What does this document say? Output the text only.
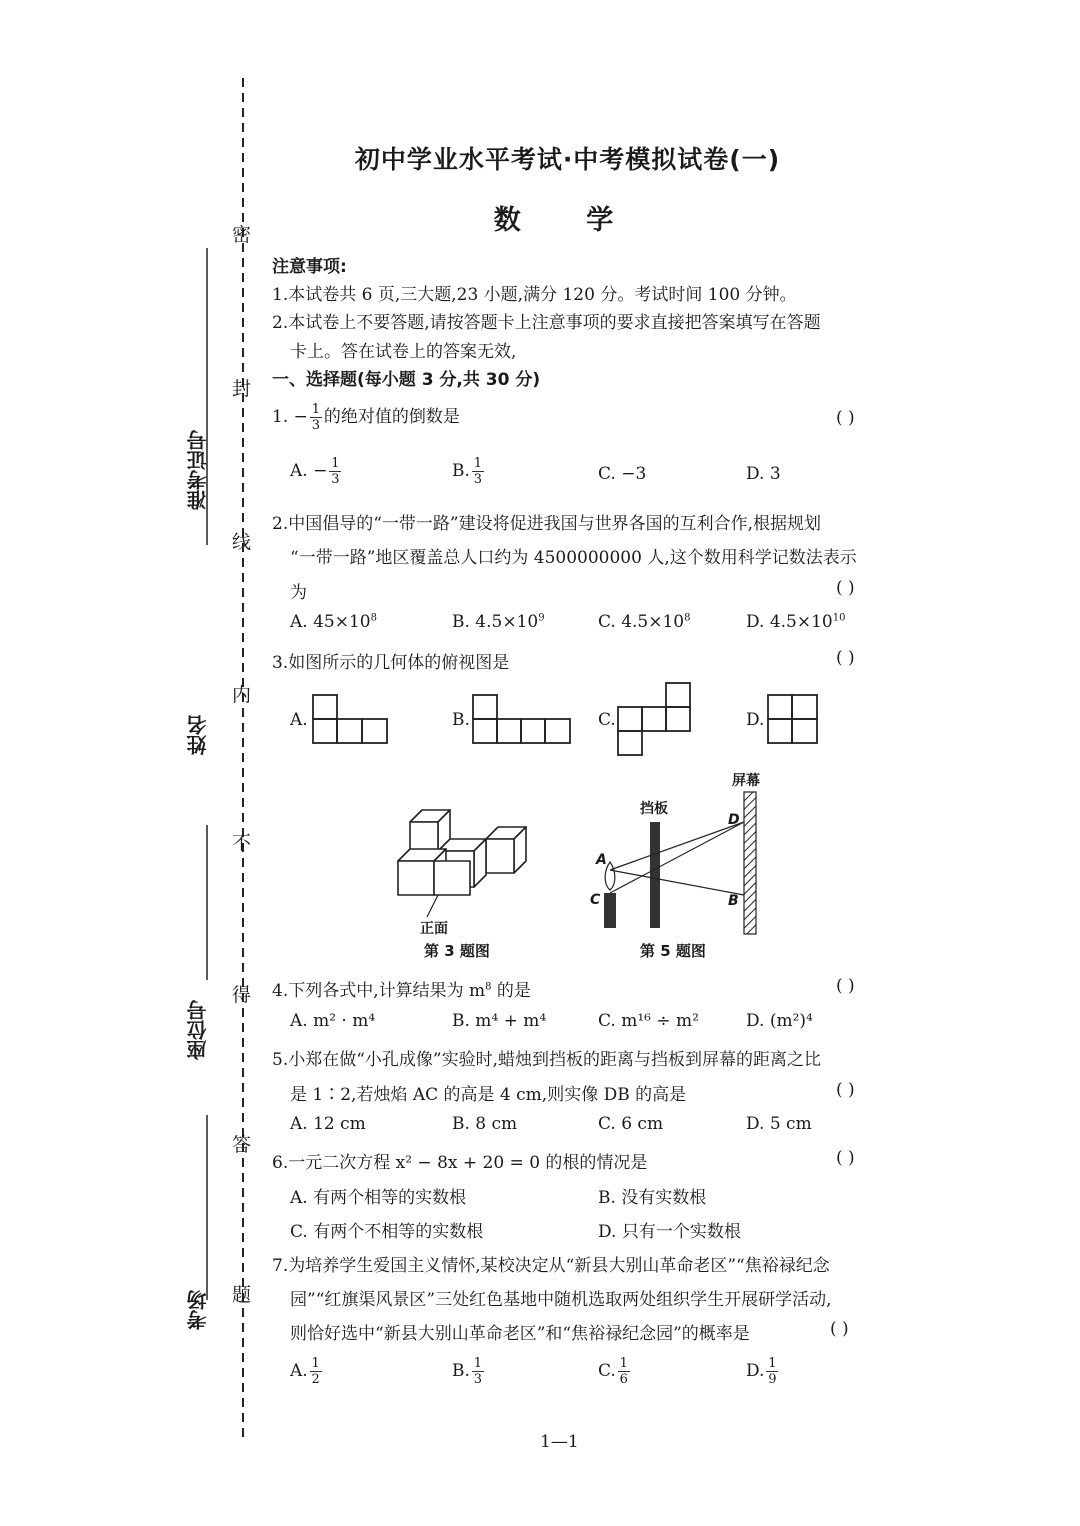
准考证号
姓名
座位号
考场
密
封
线
内
不
得
答
题
初中学业水平考试·中考模拟试卷(一)
数 学
注意事项:
1.本试卷共 6 页,三大题,23 小题,满分 120 分。考试时间 100 分钟。
2.本试卷上不要答题,请按答题卡上注意事项的要求直接把答案填写在答题
卡上。答在试卷上的答案无效,
一、选择题(每小题 3 分,共 30 分)
1. − $\frac{1}{3}$ 的绝对值的倒数是	( )
A. − $\frac{1}{3}$	B. $\frac{1}{3}$	C. −3	D. 3
2.中国倡导的“一带一路”建设将促进我国与世界各国的互利合作,根据规划
“一带一路”地区覆盖总人口约为 4500000000 人,这个数用科学记数法表示
为	( )
A. $45\times 10^8$	B. $4.5\times 10^9$	C. $4.5\times 10^8$	D. $4.5\times 10^{10}$
3.如图所示的几何体的俯视图是	( )
A.	B.	C.	D.
正面
第 3 题图
挡板
屏幕
A
C
D
B
第 5 题图
4.下列各式中,计算结果为 $m^8$ 的是	( )
A. m² · m⁴	B. m⁴ + m⁴	C. m¹⁶ ÷ m²	D. (m²)⁴
5.小郑在做“小孔成像”实验时,蜡烛到挡板的距离与挡板到屏幕的距离之比
是 1∶2,若烛焰 AC 的高是 4 cm,则实像 DB 的高是	( )
A. 12 cm	B. 8 cm	C. 6 cm	D. 5 cm
6.一元二次方程 x² − 8x + 20 = 0 的根的情况是	( )
A. 有两个相等的实数根	B. 没有实数根
C. 有两个不相等的实数根	D. 只有一个实数根
7.为培养学生爱国主义情怀,某校决定从“新县大别山革命老区”“焦裕禄纪念
园”“红旗渠风景区”三处红色基地中随机选取两处组织学生开展研学活动,
则恰好选中“新县大别山革命老区”和“焦裕禄纪念园”的概率是	( )
A. $\frac{1}{2}$	B. $\frac{1}{3}$	C. $\frac{1}{6}$	D. $\frac{1}{9}$
1—1
